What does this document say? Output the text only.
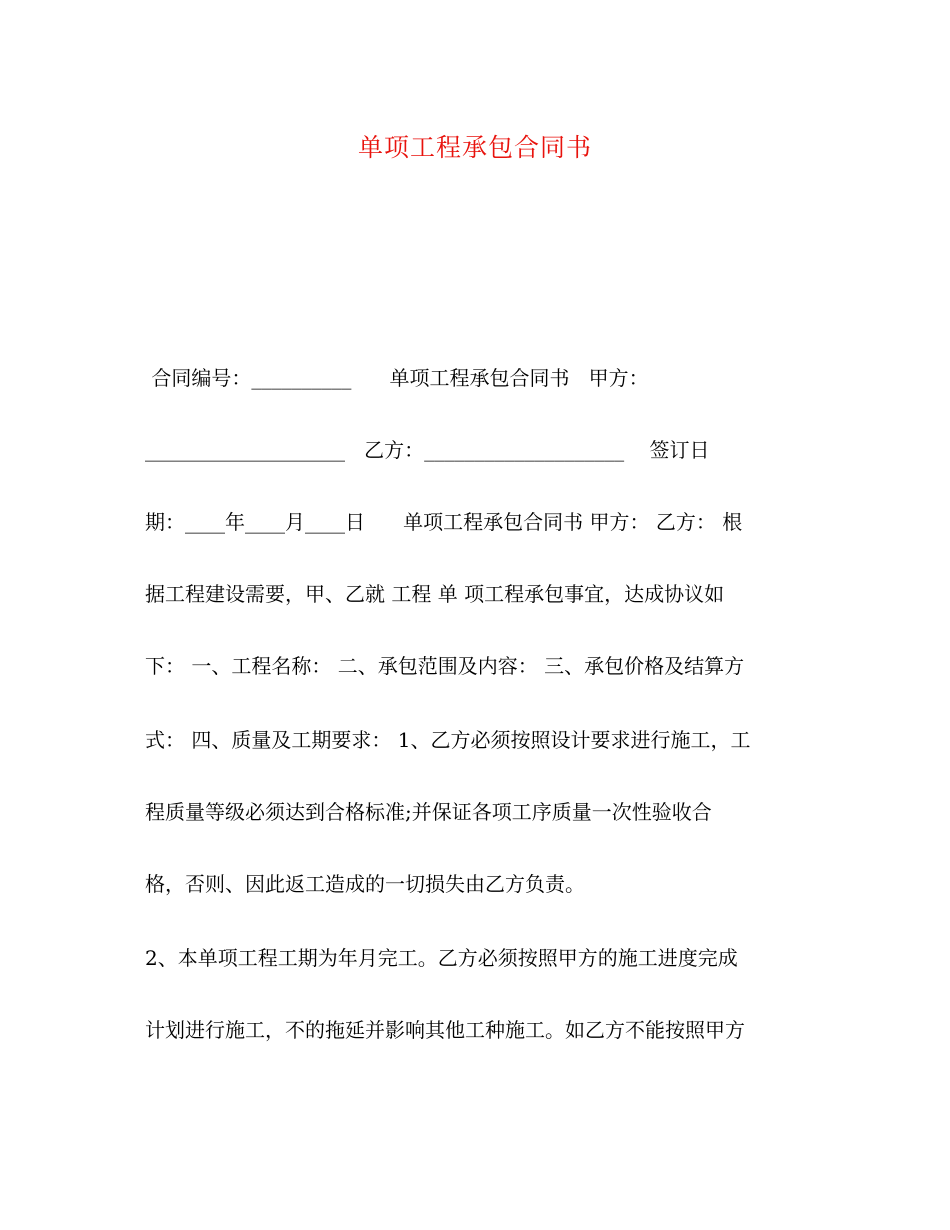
单项工程承包合同书
合同编号：__________      单项工程承包合同书   甲方：
____________________   乙方：____________________    签订日
期：____年____月____日      单项工程承包合同书 甲方： 乙方： 根
据工程建设需要，甲、乙就 工程 单 项工程承包事宜，达成协议如
下： 一、工程名称： 二、承包范围及内容： 三、承包价格及结算方
式： 四、质量及工期要求： 1、乙方必须按照设计要求进行施工，工
程质量等级必须达到合格标准;并保证各项工序质量一次性验收合
格，否则、因此返工造成的一切损失由乙方负责。
2、本单项工程工期为年月完工。乙方必须按照甲方的施工进度完成
计划进行施工，不的拖延并影响其他工种施工。如乙方不能按照甲方
